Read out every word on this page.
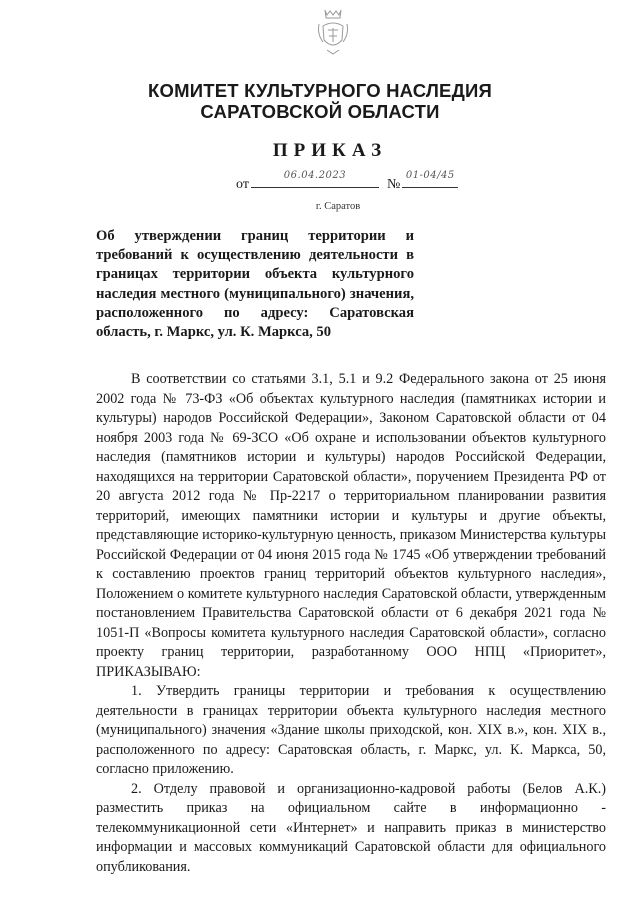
КОМИТЕТ КУЛЬТУРНОГО НАСЛЕДИЯ
САРАТОВСКОЙ ОБЛАСТИ
ПРИКАЗ
от
06.04.2023
№
01-04/45
г. Саратов
Об утверждении границ территории и требований к осуществлению деятельности в границах территории объекта культурного наследия местного (муниципального) значения, расположенного по адресу: Саратовская область, г. Маркс, ул. К. Маркса, 50

В соответствии со статьями 3.1, 5.1 и 9.2 Федерального закона от 25 июня 2002 года № 73-ФЗ «Об объектах культурного наследия (памятниках истории и культуры) народов Российской Федерации», Законом Саратовской области от 04 ноября 2003 года № 69-ЗСО «Об охране и использовании объектов культурного наследия (памятников истории и культуры) народов Российской Федерации, находящихся на территории Саратовской области», поручением Президента РФ от 20 августа 2012 года № Пр-2217 о территориальном планировании развития территорий, имеющих памятники истории и культуры и другие объекты, представляющие историко-культурную ценность, приказом Министерства культуры Российской Федерации от 04 июня 2015 года № 1745 «Об утверждении требований к составлению проектов границ территорий объектов культурного наследия», Положением о комитете культурного наследия Саратовской области, утвержденным постановлением Правительства Саратовской области от 6 декабря 2021 года № 1051-П «Вопросы комитета культурного наследия Саратовской области», согласно проекту границ территории, разработанному ООО НПЦ «Приоритет», ПРИКАЗЫВАЮ:

1. Утвердить границы территории и требования к осуществлению деятельности в границах территории объекта культурного наследия местного (муниципального) значения «Здание школы приходской, кон. XIX в.», кон. XIX в., расположенного по адресу: Саратовская область, г. Маркс, ул. К. Маркса, 50, согласно приложению.

2. Отделу правовой и организационно-кадровой работы (Белов А.К.) разместить приказ на официальном сайте в информационно - телекоммуникационной сети «Интернет» и направить приказ в министерство информации и массовых коммуникаций Саратовской области для официального опубликования.
